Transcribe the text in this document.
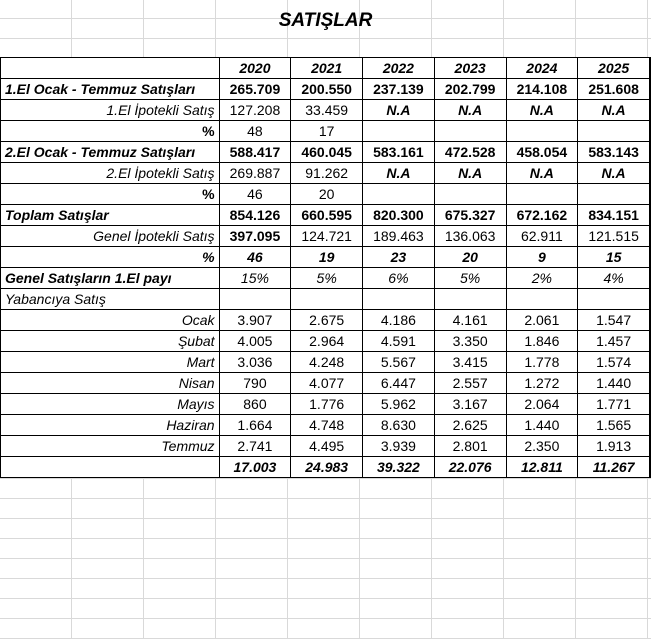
SATIŞLAR
	2020	2021	2022	2023	2024	2025
1.El Ocak - Temmuz Satışları	265.709	200.550	237.139	202.799	214.108	251.608
1.El İpotekli Satış	127.208	33.459	N.A	N.A	N.A	N.A
%	48	17				
2.El Ocak - Temmuz Satışları	588.417	460.045	583.161	472.528	458.054	583.143
2.El İpotekli Satış	269.887	91.262	N.A	N.A	N.A	N.A
%	46	20				
Toplam Satışlar	854.126	660.595	820.300	675.327	672.162	834.151
Genel İpotekli Satış	397.095	124.721	189.463	136.063	62.911	121.515
%	46	19	23	20	9	15
Genel Satışların 1.El payı	15%	5%	6%	5%	2%	4%
Yabancıya Satış						
Ocak	3.907	2.675	4.186	4.161	2.061	1.547
Şubat	4.005	2.964	4.591	3.350	1.846	1.457
Mart	3.036	4.248	5.567	3.415	1.778	1.574
Nisan	790	4.077	6.447	2.557	1.272	1.440
Mayıs	860	1.776	5.962	3.167	2.064	1.771
Haziran	1.664	4.748	8.630	2.625	1.440	1.565
Temmuz	2.741	4.495	3.939	2.801	2.350	1.913
	17.003	24.983	39.322	22.076	12.811	11.267
